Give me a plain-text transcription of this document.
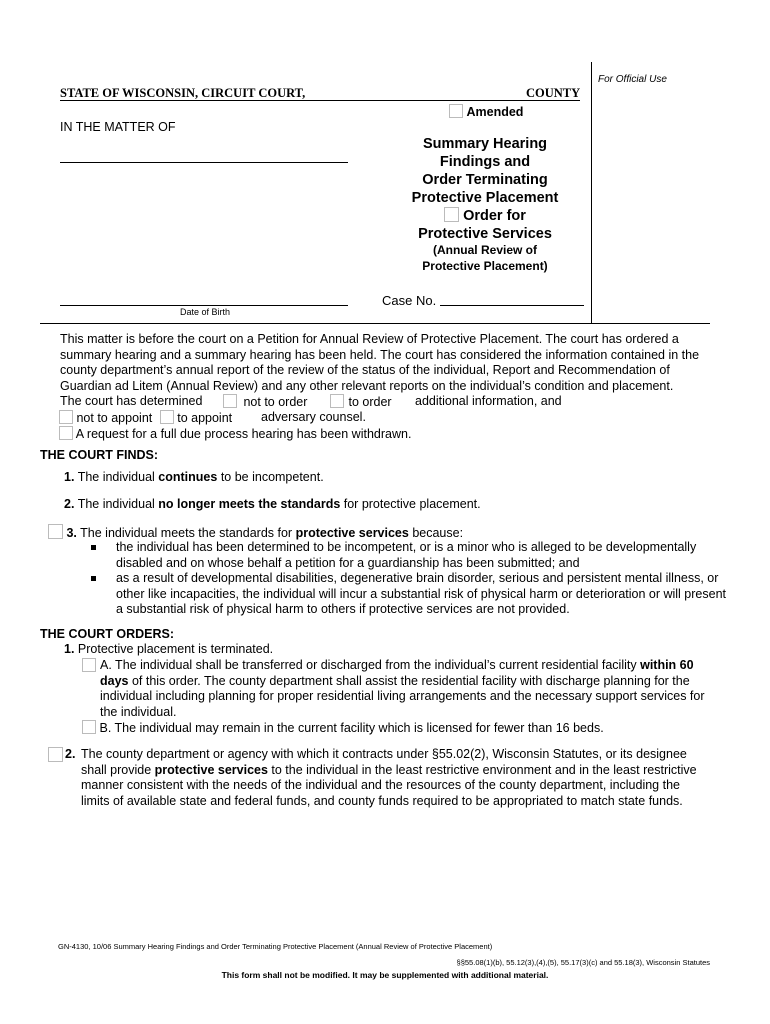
For Official Use
STATE OF WISCONSIN, CIRCUIT COURT,	COUNTY
Amended
IN THE MATTER OF
Summary Hearing
Findings and
Order Terminating
Protective Placement
Order for
Protective Services
(Annual Review of
Protective Placement)
Date of Birth
Case No.
This matter is before the court on a Petition for Annual Review of Protective Placement. The court has ordered a summary hearing and a summary hearing has been held. The court has considered the information contained in the county department’s annual report of the review of the status of the individual, Report and Recommendation of Guardian ad Litem (Annual Review) and any other relevant reports on the individual’s condition and placement.
The court has determined	not to order	to order additional information, and
not to appoint to appoint adversary counsel.
A request for a full due process hearing has been withdrawn.
THE COURT FINDS:
1. The individual continues to be incompetent.
2. The individual no longer meets the standards for protective placement.
3. The individual meets the standards for protective services because:
the individual has been determined to be incompetent, or is a minor who is alleged to be developmentally disabled and on whose behalf a petition for a guardianship has been submitted; and
as a result of developmental disabilities, degenerative brain disorder, serious and persistent mental illness, or other like incapacities, the individual will incur a substantial risk of physical harm or deterioration or will present a substantial risk of physical harm to others if protective services are not provided.
THE COURT ORDERS:
1. Protective placement is terminated.
A. The individual shall be transferred or discharged from the individual’s current residential facility within 60 days of this order. The county department shall assist the residential facility with discharge planning for the individual including planning for proper residential living arrangements and the necessary support services for the individual.
B. The individual may remain in the current facility which is licensed for fewer than 16 beds.
2. The county department or agency with which it contracts under §55.02(2), Wisconsin Statutes, or its designee shall provide protective services to the individual in the least restrictive environment and in the least restrictive manner consistent with the needs of the individual and the resources of the county department, including the limits of available state and federal funds, and county funds required to be appropriated to match state funds.
GN-4130, 10/06 Summary Hearing Findings and Order Terminating Protective Placement (Annual Review of Protective Placement)
§§55.08(1)(b), 55.12(3),(4),(5), 55.17(3)(c) and 55.18(3), Wisconsin Statutes
This form shall not be modified. It may be supplemented with additional material.
